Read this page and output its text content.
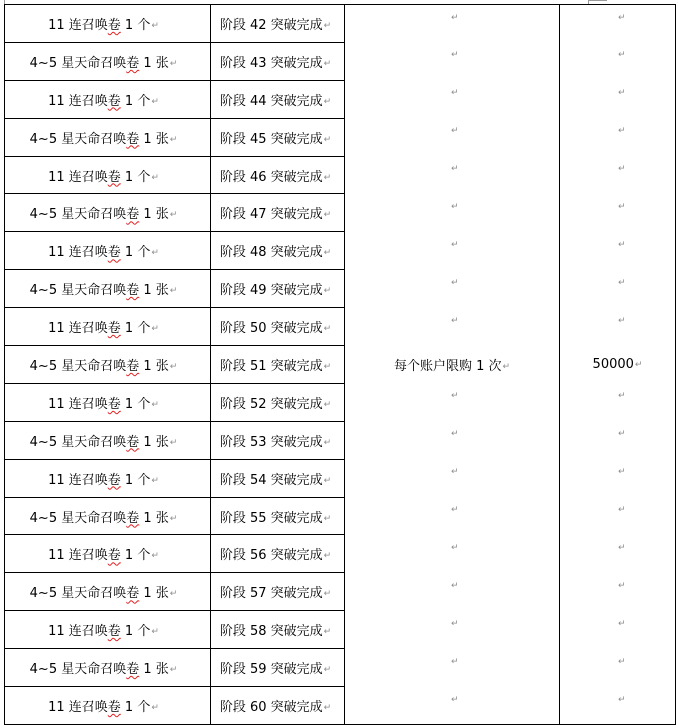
11 连召唤卷 1 个↵	阶段 42 突破完成↵	↵	↵

4~5 星天命召唤卷 1 张↵	阶段 43 突破完成↵	↵	↵

11 连召唤卷 1 个↵	阶段 44 突破完成↵	↵	↵

4~5 星天命召唤卷 1 张↵	阶段 45 突破完成↵	↵	↵

11 连召唤卷 1 个↵	阶段 46 突破完成↵	↵	↵

4~5 星天命召唤卷 1 张↵	阶段 47 突破完成↵	↵	↵

11 连召唤卷 1 个↵	阶段 48 突破完成↵	↵	↵

4~5 星天命召唤卷 1 张↵	阶段 49 突破完成↵	↵	↵

11 连召唤卷 1 个↵	阶段 50 突破完成↵	↵	↵

4~5 星天命召唤卷 1 张↵	阶段 51 突破完成↵	每个账户限购 1 次↵	50000↵
11 连召唤卷 1 个↵	阶段 52 突破完成↵	↵	↵

4~5 星天命召唤卷 1 张↵	阶段 53 突破完成↵	↵	↵

11 连召唤卷 1 个↵	阶段 54 突破完成↵	↵	↵

4~5 星天命召唤卷 1 张↵	阶段 55 突破完成↵	↵	↵

11 连召唤卷 1 个↵	阶段 56 突破完成↵	↵	↵

4~5 星天命召唤卷 1 张↵	阶段 57 突破完成↵	↵	↵

11 连召唤卷 1 个↵	阶段 58 突破完成↵	↵	↵

4~5 星天命召唤卷 1 张↵	阶段 59 突破完成↵	↵	↵

11 连召唤卷 1 个↵	阶段 60 突破完成↵	↵	↵
